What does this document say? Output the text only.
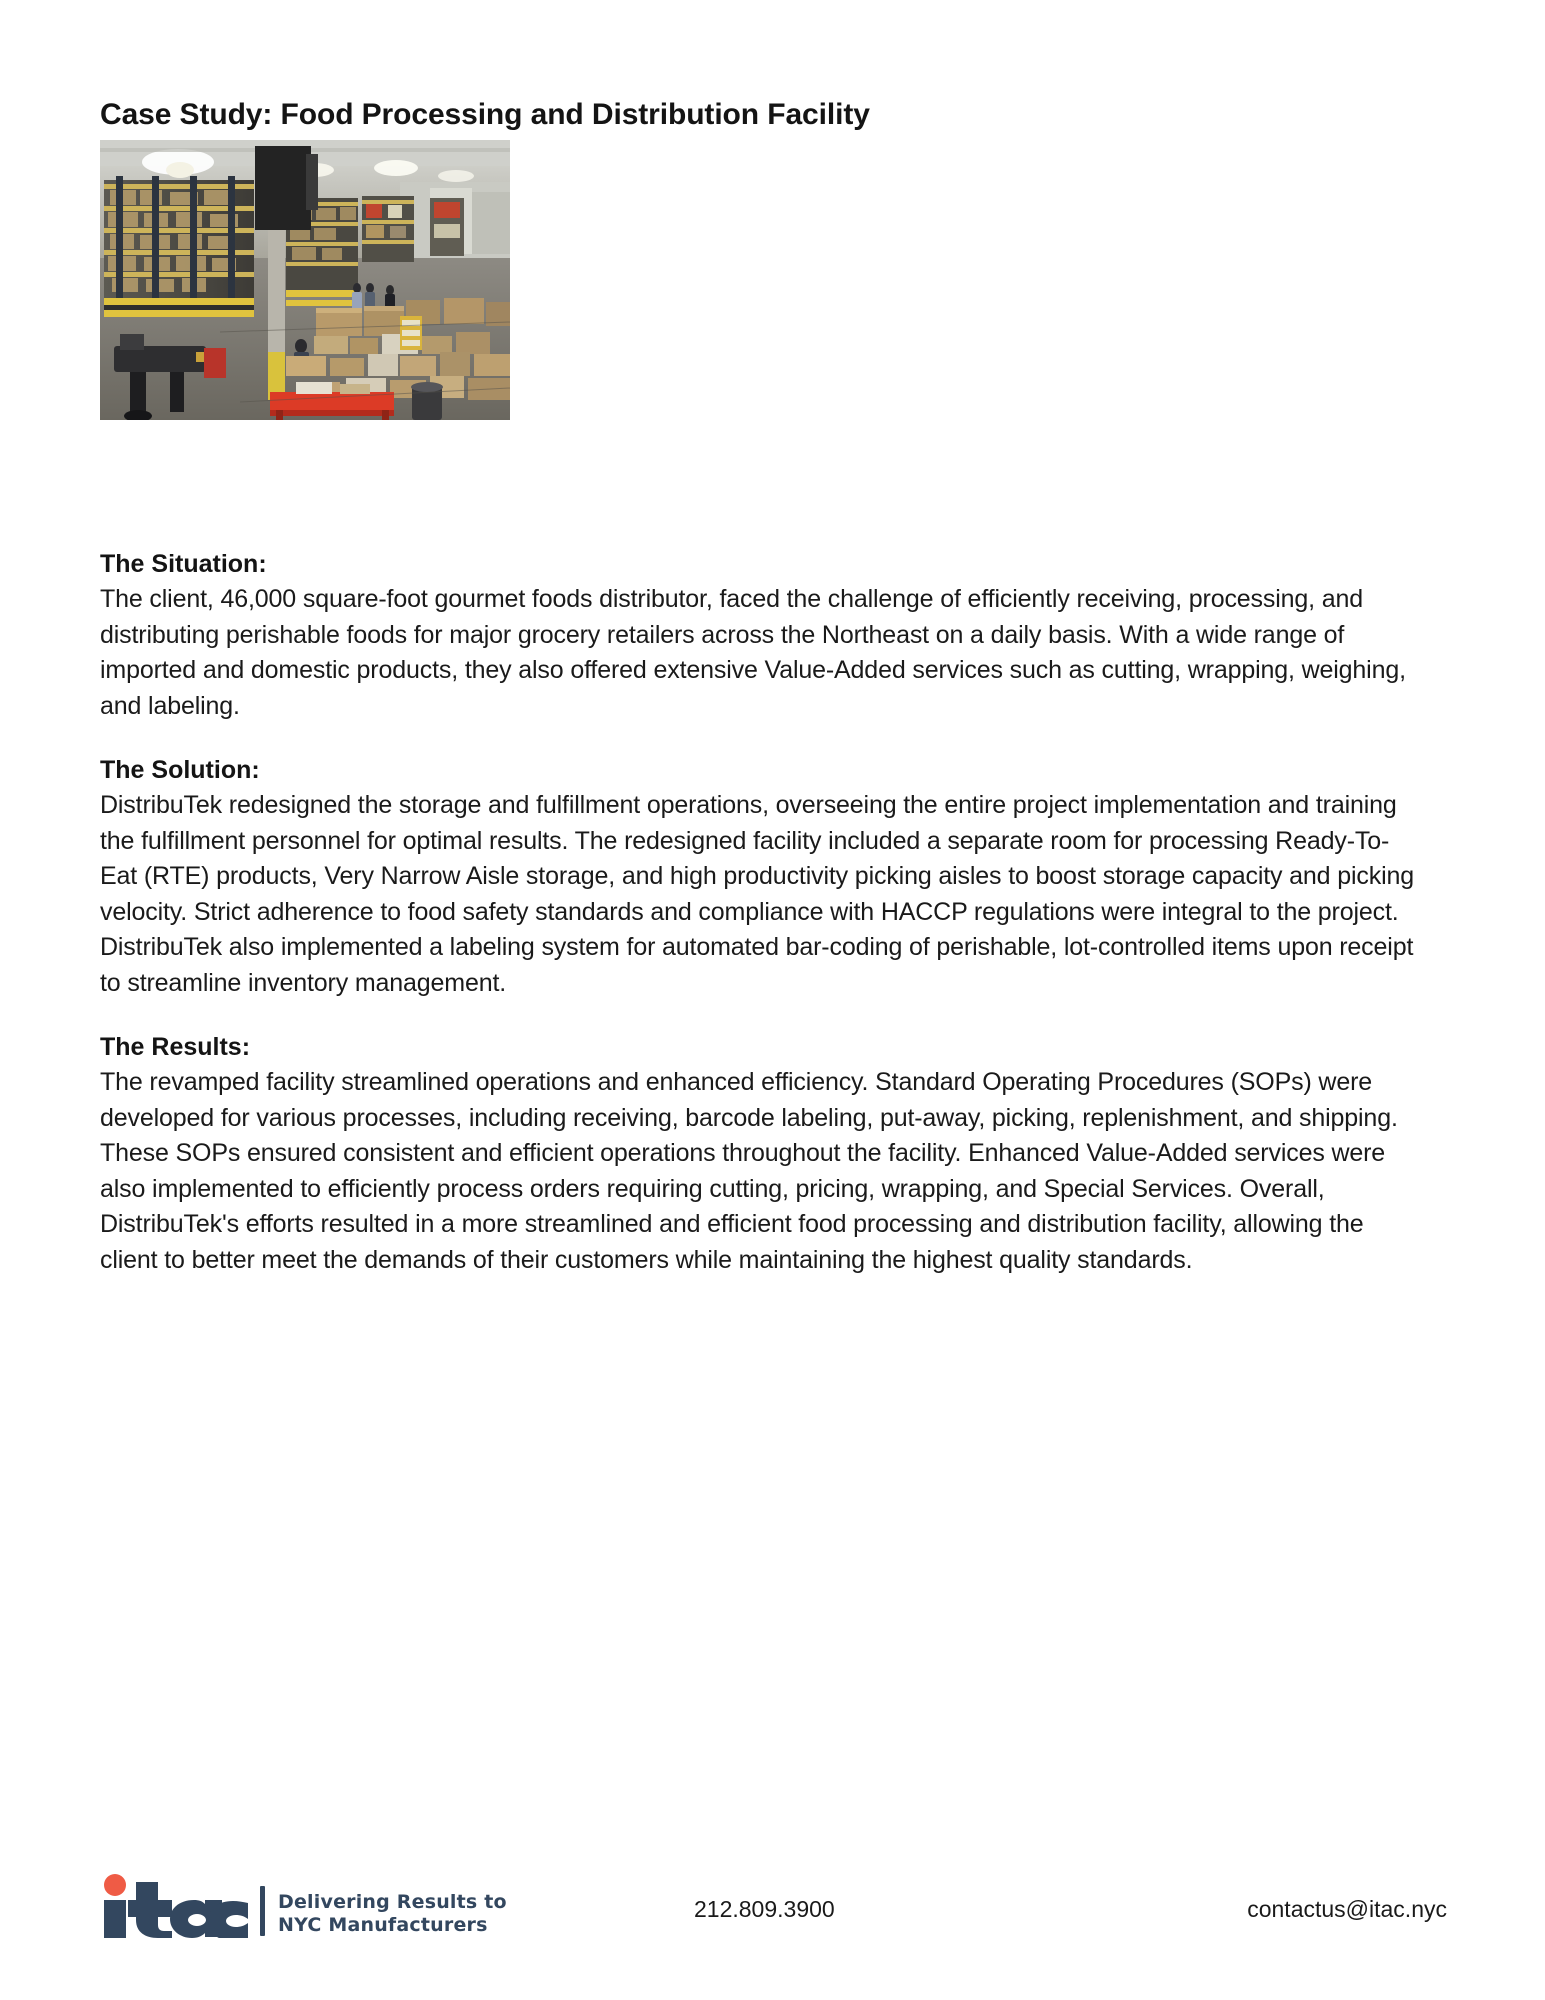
Case Study: Food Processing and Distribution Facility
The Situation:

The client, 46,000 square-foot gourmet foods distributor, faced the challenge of efficiently receiving, processing, and distributing perishable foods for major grocery retailers across the Northeast on a daily basis. With a wide range of imported and domestic products, they also offered extensive Value-Added services such as cutting, wrapping, weighing, and labeling.

The Solution:

DistribuTek redesigned the storage and fulfillment operations, overseeing the entire project implementation and training the fulfillment personnel for optimal results. The redesigned facility included a separate room for processing Ready-To-Eat (RTE) products, Very Narrow Aisle storage, and high productivity picking aisles to boost storage capacity and picking velocity. Strict adherence to food safety standards and compliance with HACCP regulations were integral to the project. DistribuTek also implemented a labeling system for automated bar-coding of perishable, lot-controlled items upon receipt to streamline inventory management.

The Results:

The revamped facility streamlined operations and enhanced efficiency. Standard Operating Procedures (SOPs) were developed for various processes, including receiving, barcode labeling, put-away, picking, replenishment, and shipping. These SOPs ensured consistent and efficient operations throughout the facility. Enhanced Value-Added services were also implemented to efficiently process orders requiring cutting, pricing, wrapping, and Special Services. Overall, DistribuTek's efforts resulted in a more streamlined and efficient food processing and distribution facility, allowing the client to better meet the demands of their customers while maintaining the highest quality standards.

Delivering Results to
NYC Manufacturers
212.809.3900	contactus@itac.nyc
